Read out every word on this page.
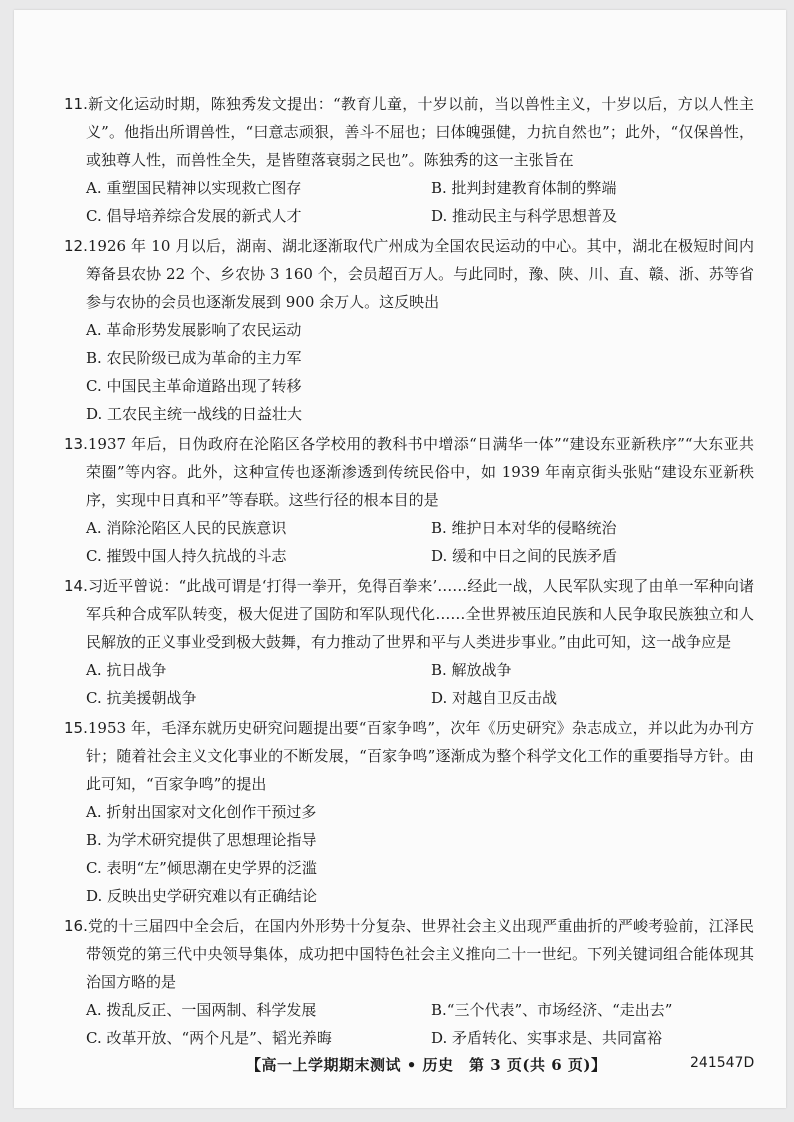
11.新文化运动时期，陈独秀发文提出：“教育儿童，十岁以前，当以兽性主义，十岁以后，方以人性主义”。他指出所谓兽性，“曰意志顽狠，善斗不屈也；曰体魄强健，力抗自然也”；此外，“仅保兽性，或独尊人性，而兽性全失，是皆堕落衰弱之民也”。陈独秀的这一主张旨在
A. 重塑国民精神以实现救亡图存	B. 批判封建教育体制的弊端
C. 倡导培养综合发展的新式人才	D. 推动民主与科学思想普及
12.1926 年 10 月以后，湖南、湖北逐渐取代广州成为全国农民运动的中心。其中，湖北在极短时间内筹备县农协 22 个、乡农协 3 160 个，会员超百万人。与此同时，豫、陕、川、直、赣、浙、苏等省参与农协的会员也逐渐发展到 900 余万人。这反映出
A. 革命形势发展影响了农民运动
B. 农民阶级已成为革命的主力军
C. 中国民主革命道路出现了转移
D. 工农民主统一战线的日益壮大
13.1937 年后，日伪政府在沦陷区各学校用的教科书中增添“日满华一体”“建设东亚新秩序”“大东亚共荣圈”等内容。此外，这种宣传也逐渐渗透到传统民俗中，如 1939 年南京街头张贴“建设东亚新秩序，实现中日真和平”等春联。这些行径的根本目的是
A. 消除沦陷区人民的民族意识	B. 维护日本对华的侵略统治
C. 摧毁中国人持久抗战的斗志	D. 缓和中日之间的民族矛盾
14.习近平曾说：“此战可谓是‘打得一拳开，免得百拳来’……经此一战，人民军队实现了由单一军种向诸军兵种合成军队转变，极大促进了国防和军队现代化……全世界被压迫民族和人民争取民族独立和人民解放的正义事业受到极大鼓舞，有力推动了世界和平与人类进步事业。”由此可知，这一战争应是
A. 抗日战争	B. 解放战争
C. 抗美援朝战争	D. 对越自卫反击战
15.1953 年，毛泽东就历史研究问题提出要“百家争鸣”，次年《历史研究》杂志成立，并以此为办刊方针；随着社会主义文化事业的不断发展，“百家争鸣”逐渐成为整个科学文化工作的重要指导方针。由此可知，“百家争鸣”的提出
A. 折射出国家对文化创作干预过多
B. 为学术研究提供了思想理论指导
C. 表明“左”倾思潮在史学界的泛滥
D. 反映出史学研究难以有正确结论
16.党的十三届四中全会后，在国内外形势十分复杂、世界社会主义出现严重曲折的严峻考验前，江泽民带领党的第三代中央领导集体，成功把中国特色社会主义推向二十一世纪。下列关键词组合能体现其治国方略的是
A. 拨乱反正、一国两制、科学发展	B.“三个代表”、市场经济、“走出去”
C. 改革开放、“两个凡是”、韬光养晦	D. 矛盾转化、实事求是、共同富裕
【高一上学期期末测试 • 历史　第 3 页(共 6 页)】	241547D
